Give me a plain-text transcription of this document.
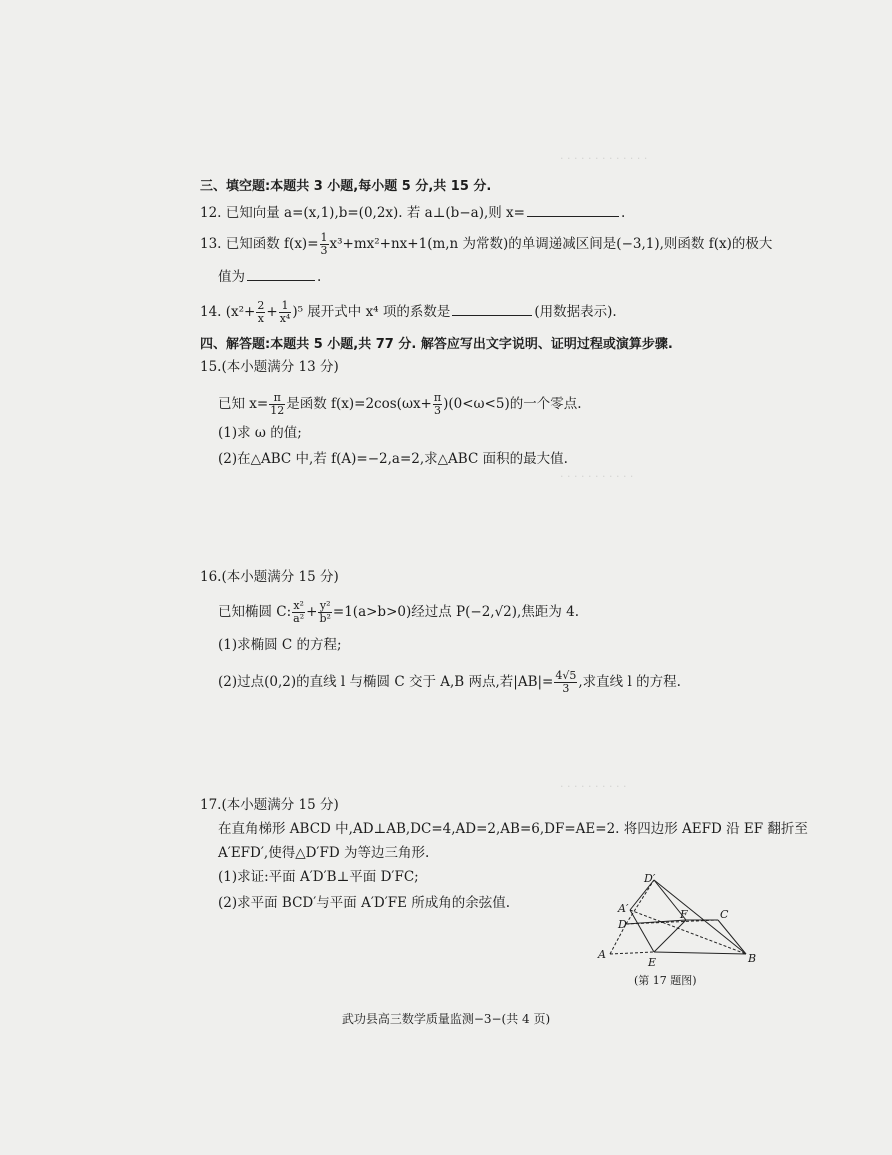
· · · · · · · · · · · · ·
· · · · · · · · · · ·
· · · · · · · · · ·
三、填空题:本题共 3 小题,每小题 5 分,共 15 分.
12. 已知向量 a=(x,1),b=(0,2x). 若 a⊥(b−a),则 x=	.
13. 已知函数 $f(x)= \frac{1}{3} x^3+mx^2+nx+1(m,n$ 为常数)的单调递减区间是(−3,1),则函数 f(x)的极大
值为	.
14. $(x^2+ \frac{2}{x} + \frac{1}{\text{x⁴}} )^5$ 展开式中 x⁴ 项的系数是	(用数据表示).
四、解答题:本题共 5 小题,共 77 分. 解答应写出文字说明、证明过程或演算步骤.
15.(本小题满分 13 分)
已知 $x= \frac{\pi}{12}$ 是函数 $f(x)=2\cos(\omega x+ \frac{\pi}{3} )(0<\omega<5)$的一个零点.
(1)求 ω 的值;
(2)在△ABC 中,若 f(A)=−2,a=2,求△ABC 面积的最大值.
16.(本小题满分 15 分)
已知椭圆 C: $\frac{\text{x²}}{\text{a²}} + \frac{\text{y²}}{\text{b²}} =1(a>b>0)$经过点 P(−2,√2),焦距为 4.
(1)求椭圆 C 的方程;
(2)过点(0,2)的直线 l 与椭圆 C 交于 A,B 两点,若$|AB|= \frac{4√5}{3}$ ,求直线 l 的方程.
17.(本小题满分 15 分)
在直角梯形 ABCD 中,AD⊥AB,DC=4,AD=2,AB=6,DF=AE=2. 将四边形 AEFD 沿 EF 翻折至
A′EFD′,使得△D′FD 为等边三角形.
(1)求证:平面 A′D′B⊥平面 D′FC;
(2)求平面 BCD′与平面 A′D′FE 所成角的余弦值.
D′
A′
D
F	C
A
E	B
(第 17 题图)
武功县高三数学质量监测−3−(共 4 页)
